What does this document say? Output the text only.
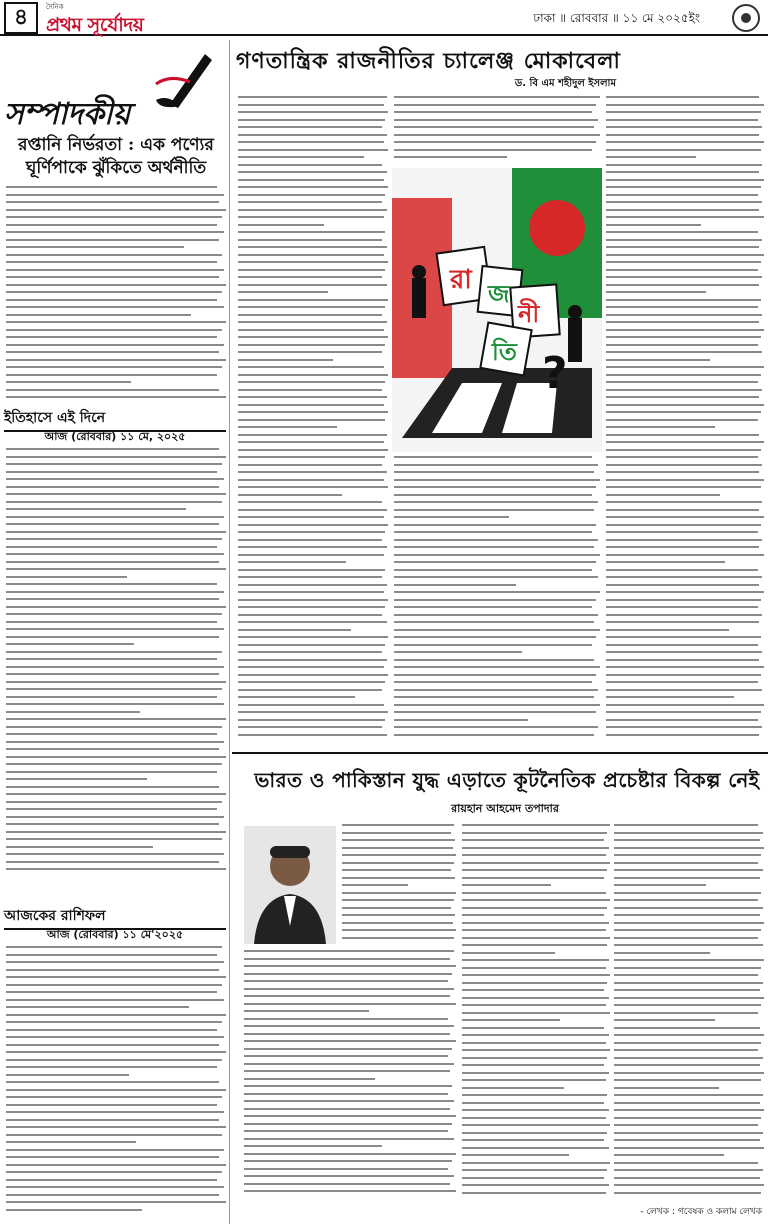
৪	দৈনিক
প্রথম সূর্যোদয়	ঢাকা ॥ রোববার ॥ ১১ মে ২০২৫ইং
সম্পাদকীয়
রপ্তানি নির্ভরতা : এক পণ্যের
ঘূর্ণিপাকে ঝুঁকিতে অর্থনীতি
ইতিহাসে এই দিনে
আজ (রোববার) ১১ মে, ২০২৫
আজকের রাশিফল
আজ (রোববার) ১১ মে'২০২৫
গণতান্ত্রিক রাজনীতির চ্যালেঞ্জ মোকাবেলা
ড. বি এম শহীদুল ইসলাম
রা জ
নী
তি ?
ভারত ও পাকিস্তান যুদ্ধ এড়াতে কূটনৈতিক প্রচেষ্টার বিকল্প নেই
রায়হান আহমেদ তপাদার
- লেখক : গবেষক ও কলাম লেখক
